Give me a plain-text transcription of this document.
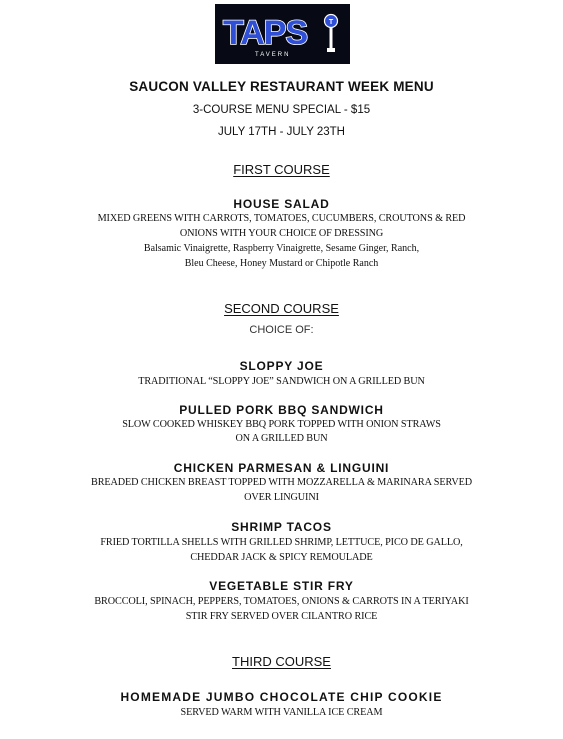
TAPS
TAVERN
T
SAUCON VALLEY RESTAURANT WEEK MENU
3-COURSE MENU SPECIAL - $15
JULY 17TH - JULY 23TH
FIRST COURSE
HOUSE SALAD
MIXED GREENS WITH CARROTS, TOMATOES, CUCUMBERS, CROUTONS & RED
ONIONS WITH YOUR CHOICE OF DRESSING
Balsamic Vinaigrette, Raspberry Vinaigrette, Sesame Ginger, Ranch,
Bleu Cheese, Honey Mustard or Chipotle Ranch
SECOND COURSE
CHOICE OF:
SLOPPY JOE
TRADITIONAL “SLOPPY JOE” SANDWICH ON A GRILLED BUN
PULLED PORK BBQ SANDWICH
SLOW COOKED WHISKEY BBQ PORK TOPPED WITH ONION STRAWS
ON A GRILLED BUN
CHICKEN PARMESAN & LINGUINI
BREADED CHICKEN BREAST TOPPED WITH MOZZARELLA & MARINARA SERVED
OVER LINGUINI
SHRIMP TACOS
FRIED TORTILLA SHELLS WITH GRILLED SHRIMP, LETTUCE, PICO DE GALLO,
CHEDDAR JACK & SPICY REMOULADE
VEGETABLE STIR FRY
BROCCOLI, SPINACH, PEPPERS, TOMATOES, ONIONS & CARROTS IN A TERIYAKI
STIR FRY SERVED OVER CILANTRO RICE
THIRD COURSE
HOMEMADE JUMBO CHOCOLATE CHIP COOKIE
SERVED WARM WITH VANILLA ICE CREAM
